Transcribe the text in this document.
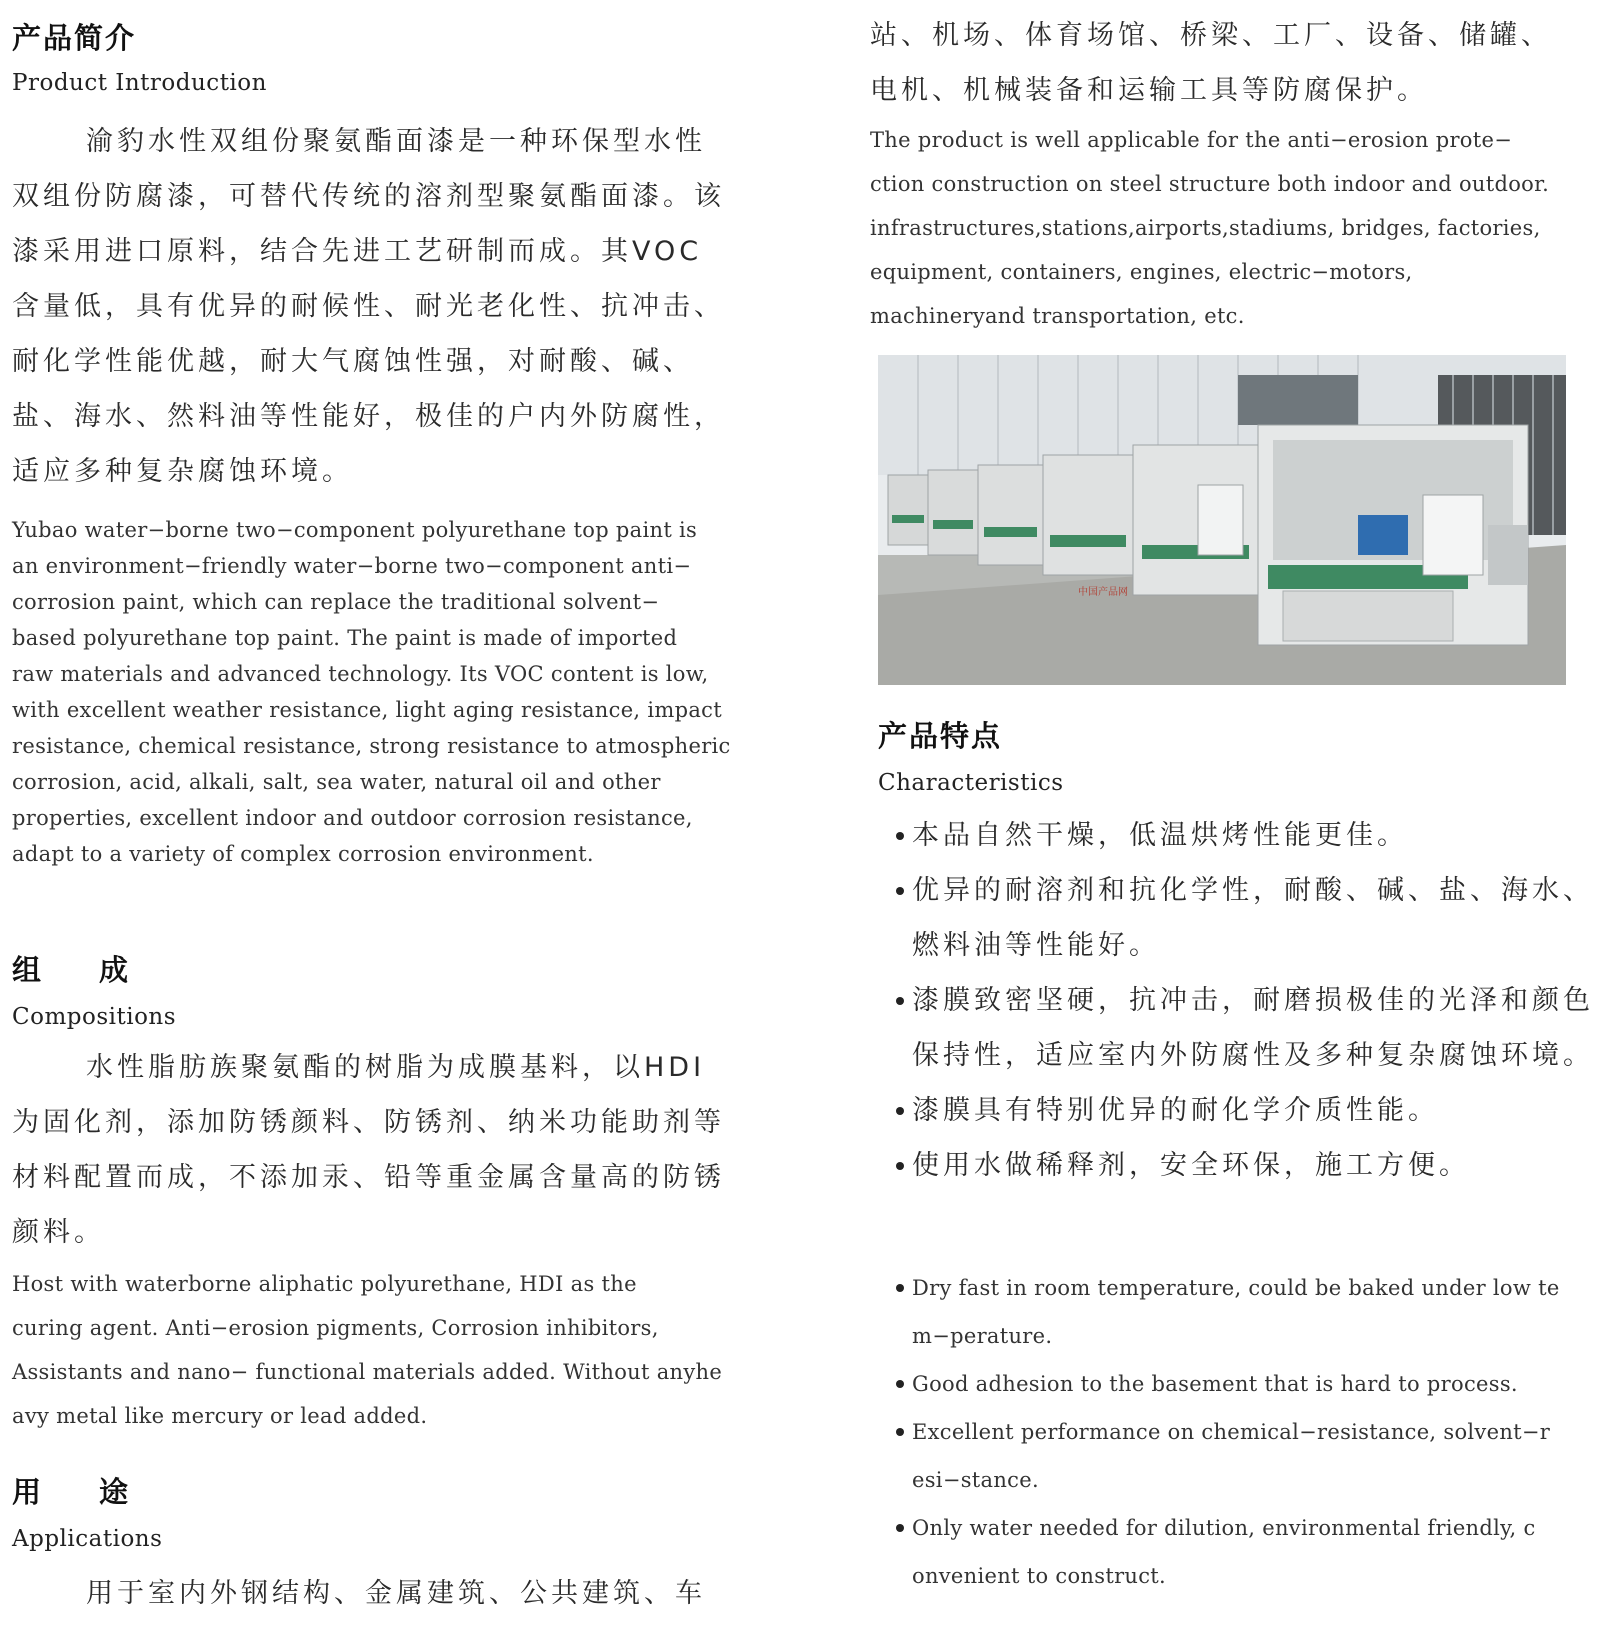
产品简介

Product Introduction

渝豹水性双组份聚氨酯面漆是一种环保型水性双组份防腐漆，可替代传统的溶剂型聚氨酯面漆。该漆采用进口原料，结合先进工艺研制而成。其VOC含量低，具有优异的耐候性、耐光老化性、抗冲击、耐化学性能优越，耐大气腐蚀性强，对耐酸、碱、盐、海水、然料油等性能好，极佳的户内外防腐性，适应多种复杂腐蚀环境。

Yubao water−borne two−component polyurethane top paint is
an environment−friendly water−borne two−component anti−
corrosion paint, which can replace the traditional solvent−
based polyurethane top paint. The paint is made of imported
raw materials and advanced technology. Its VOC content is low,
with excellent weather resistance, light aging resistance, impact
resistance, chemical resistance, strong resistance to atmospheric
corrosion, acid, alkali, salt, sea water, natural oil and other
properties, excellent indoor and outdoor corrosion resistance,
adapt to a variety of complex corrosion environment.
组　　成

Compositions

水性脂肪族聚氨酯的树脂为成膜基料，以HDI为固化剂，添加防锈颜料、防锈剂、纳米功能助剂等材料配置而成，不添加汞、铅等重金属含量高的防锈颜料。

Host with waterborne aliphatic polyurethane, HDI as the
curing agent. Anti−erosion pigments, Corrosion inhibitors,
Assistants and nano− functional materials added. Without anyhe
avy metal like mercury or lead added.
用　　途

Applications

用于室内外钢结构、金属建筑、公共建筑、车

站、机场、体育场馆、桥梁、工厂、设备、储罐、
电机、机械装备和运输工具等防腐保护。
The product is well applicable for the anti−erosion prote−
ction construction on steel structure both indoor and outdoor.
infrastructures,stations,airports,stadiums, bridges, factories,
equipment, containers, engines, electric−motors,
machineryand transportation, etc.
产品特点

Characteristics

本品自然干燥，低温烘烤性能更佳。
优异的耐溶剂和抗化学性，耐酸、碱、盐、海水、燃料油等性能好。
漆膜致密坚硬，抗冲击，耐磨损极佳的光泽和颜色保持性，适应室内外防腐性及多种复杂腐蚀环境。
漆膜具有特别优异的耐化学介质性能。
使用水做稀释剂，安全环保，施工方便。
Dry fast in room temperature, could be baked under low te m−perature.
Good adhesion to the basement that is hard to process.
Excellent performance on chemical−resistance, solvent−r esi−stance.
Only water needed for dilution, environmental friendly, c onvenient to construct.
中国产品网
